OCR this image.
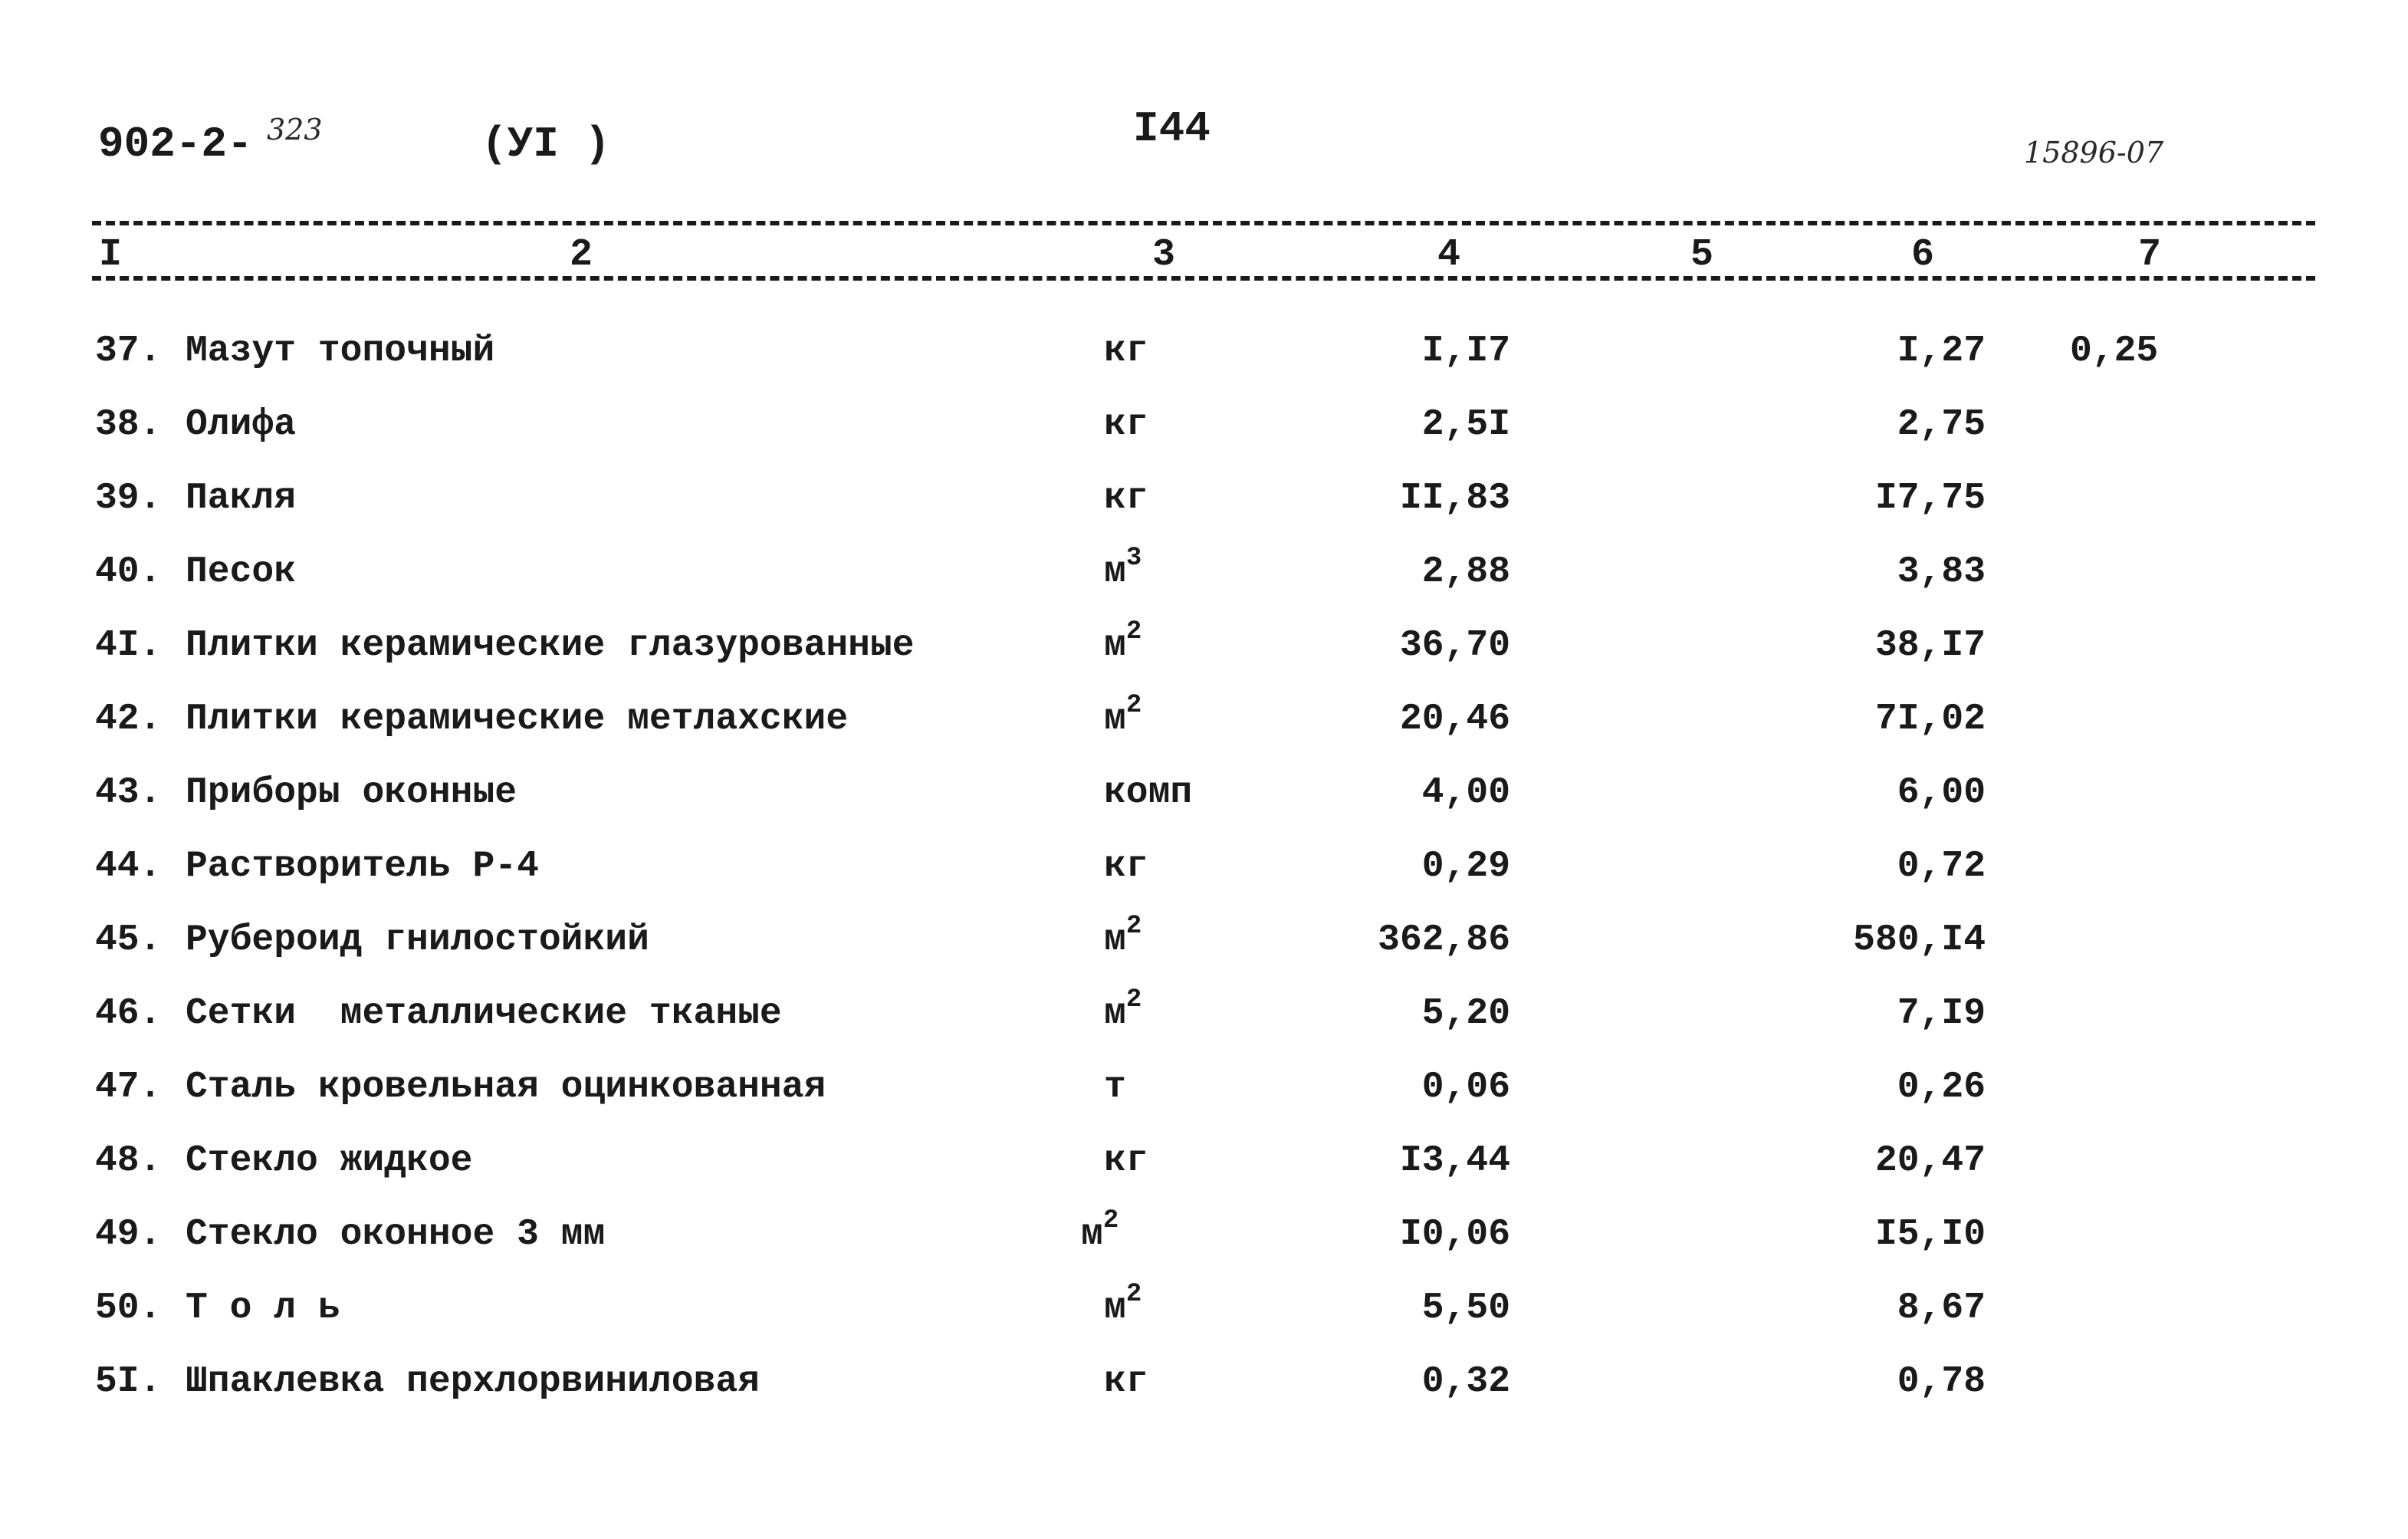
902-2- 323	(УI )	I44	15896-07
I	2	3	4	5	6	7
37. Мазут топочный	кг	I,I7	I,27 0,25
38. Олифа	кг	2,5I	2,75
39. Пакля	кг	II,83	I7,75
40. Песок	$м^3$	2,88	3,83
4I. Плитки керамические глазурованные	$м^2$	36,70	38,I7
42. Плитки керамические метлахские	$м^2$	20,46	7I,02
43. Приборы оконные	комп	4,00	6,00
44. Растворитель Р-4	кг	0,29	0,72
45. Рубероид гнилостойкий	$м^2$	362,86	580,I4
46. Сетки  металлические тканые	$м^2$	5,20	7,I9
47. Сталь кровельная оцинкованная	т	0,06	0,26
48. Стекло жидкое	кг	I3,44	20,47
49. Стекло оконное 3 мм	$м^2$	I0,06	I5,I0
50. Т о л ь	$м^2$	5,50	8,67
5I. Шпаклевка перхлорвиниловая	кг	0,32	0,78
